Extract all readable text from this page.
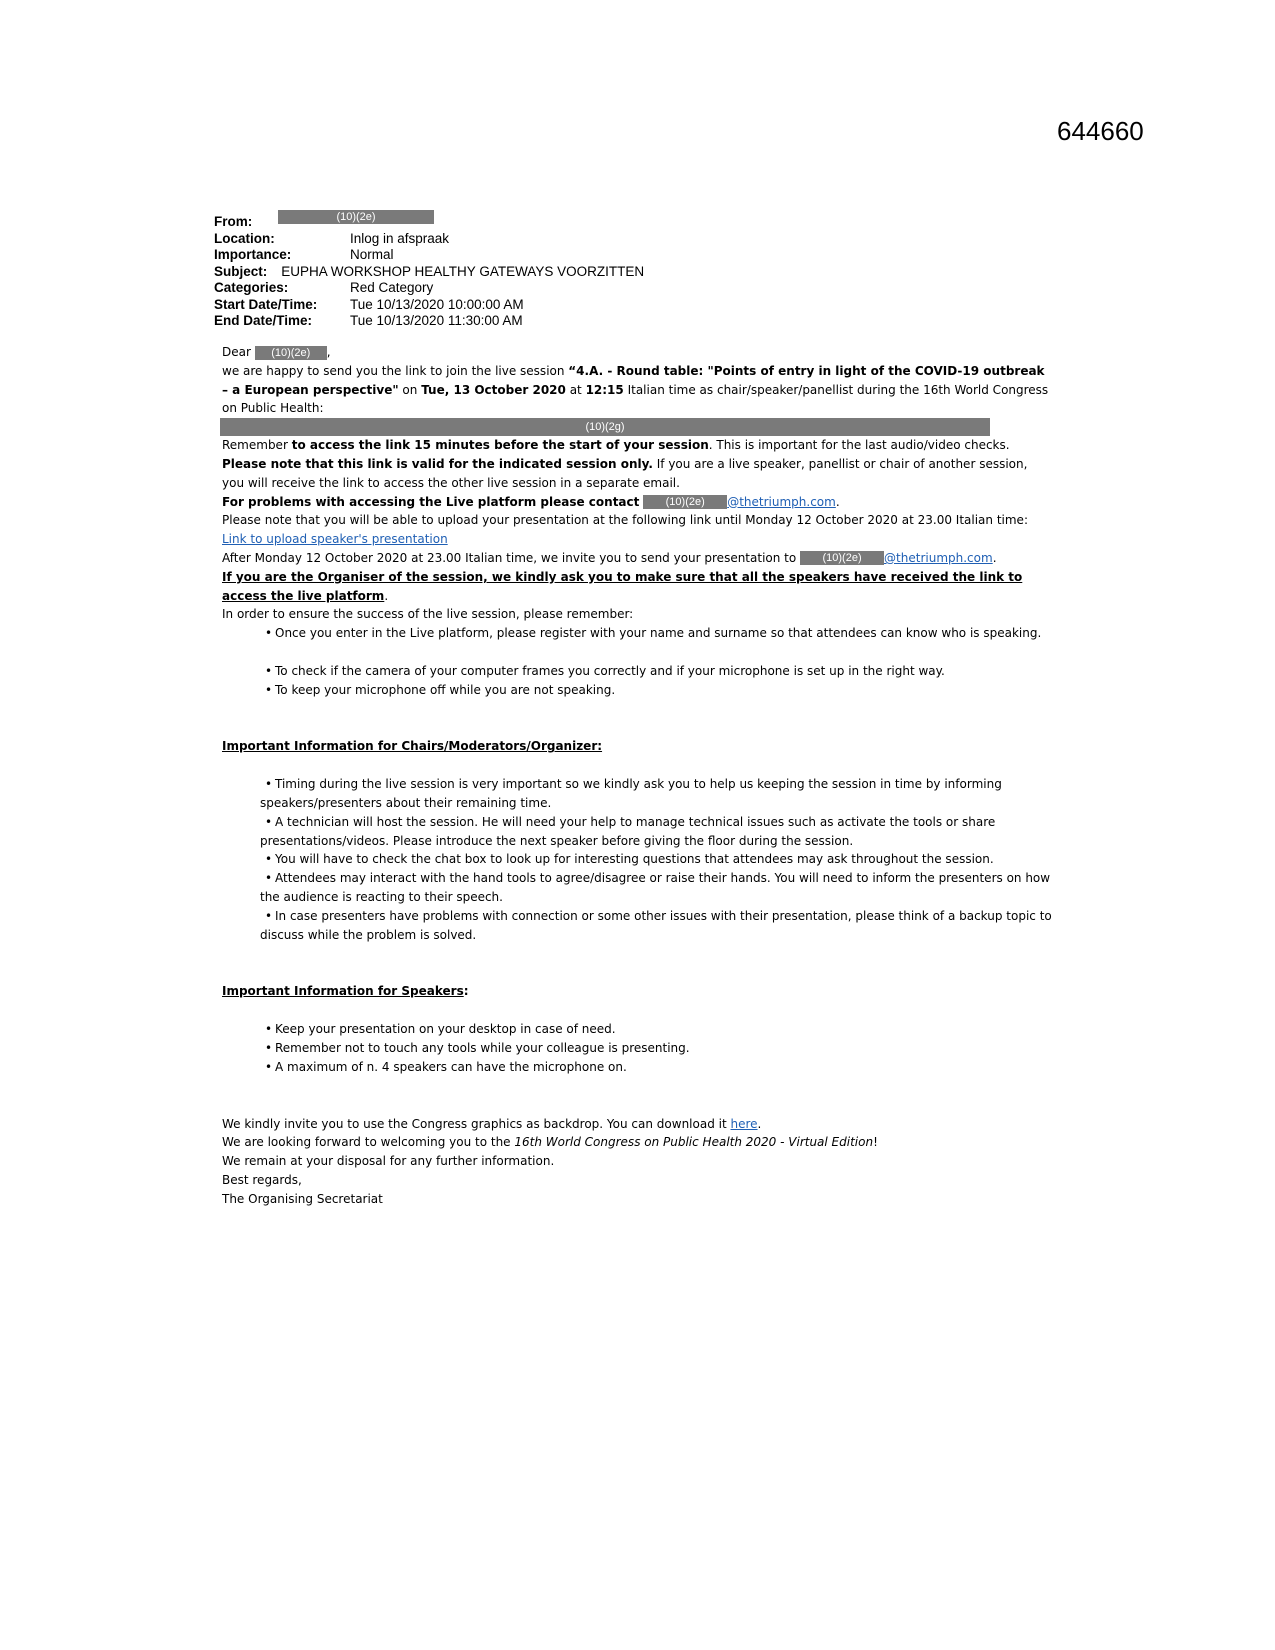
644660
From:	(10)(2e)
Location:	Inlog in afspraak
Importance:	Normal
Subject: EUPHA WORKSHOP HEALTHY GATEWAYS VOORZITTEN
Categories:	Red Category
Start Date/Time:	Tue 10/13/2020 10:00:00 AM
End Date/Time:	Tue 10/13/2020 11:30:00 AM

Dear (10)(2e) ,

we are happy to send you the link to join the live session “4.A. - Round table: "Points of entry in light of the COVID-19 outbreak – a European perspective" on Tue, 13 October 2020 at 12:15 Italian time as chair/speaker/panellist during the 16th World Congress on Public Health:

(10)(2g)

Remember to access the link 15 minutes before the start of your session. This is important for the last audio/video checks.

Please note that this link is valid for the indicated session only. If you are a live speaker, panellist or chair of another session, you will receive the link to access the other live session in a separate email.

For problems with accessing the Live platform please contact (10)(2e) @thetriumph.com.

Please note that you will be able to upload your presentation at the following link until Monday 12 October 2020 at 23.00 Italian time:

Link to upload speaker's presentation

After Monday 12 October 2020 at 23.00 Italian time, we invite you to send your presentation to (10)(2e) @thetriumph.com.

If you are the Organiser of the session, we kindly ask you to make sure that all the speakers have received the link to access the live platform.

In order to ensure the success of the live session, please remember:

• Once you enter in the Live platform, please register with your name and surname so that attendees can know who is speaking.
• To check if the camera of your computer frames you correctly and if your microphone is set up in the right way.
• To keep your microphone off while you are not speaking.

Important Information for Chairs/Moderators/Organizer:

• Timing during the live session is very important so we kindly ask you to help us keeping the session in time by informing speakers/presenters about their remaining time.
• A technician will host the session. He will need your help to manage technical issues such as activate the tools or share presentations/videos. Please introduce the next speaker before giving the floor during the session.
• You will have to check the chat box to look up for interesting questions that attendees may ask throughout the session.
• Attendees may interact with the hand tools to agree/disagree or raise their hands. You will need to inform the presenters on how the audience is reacting to their speech.
• In case presenters have problems with connection or some other issues with their presentation, please think of a backup topic to discuss while the problem is solved.

Important Information for Speakers:

• Keep your presentation on your desktop in case of need.
• Remember not to touch any tools while your colleague is presenting.
• A maximum of n. 4 speakers can have the microphone on.

We kindly invite you to use the Congress graphics as backdrop. You can download it here.

We are looking forward to welcoming you to the 16th World Congress on Public Health 2020 - Virtual Edition!

We remain at your disposal for any further information.

Best regards,

The Organising Secretariat
